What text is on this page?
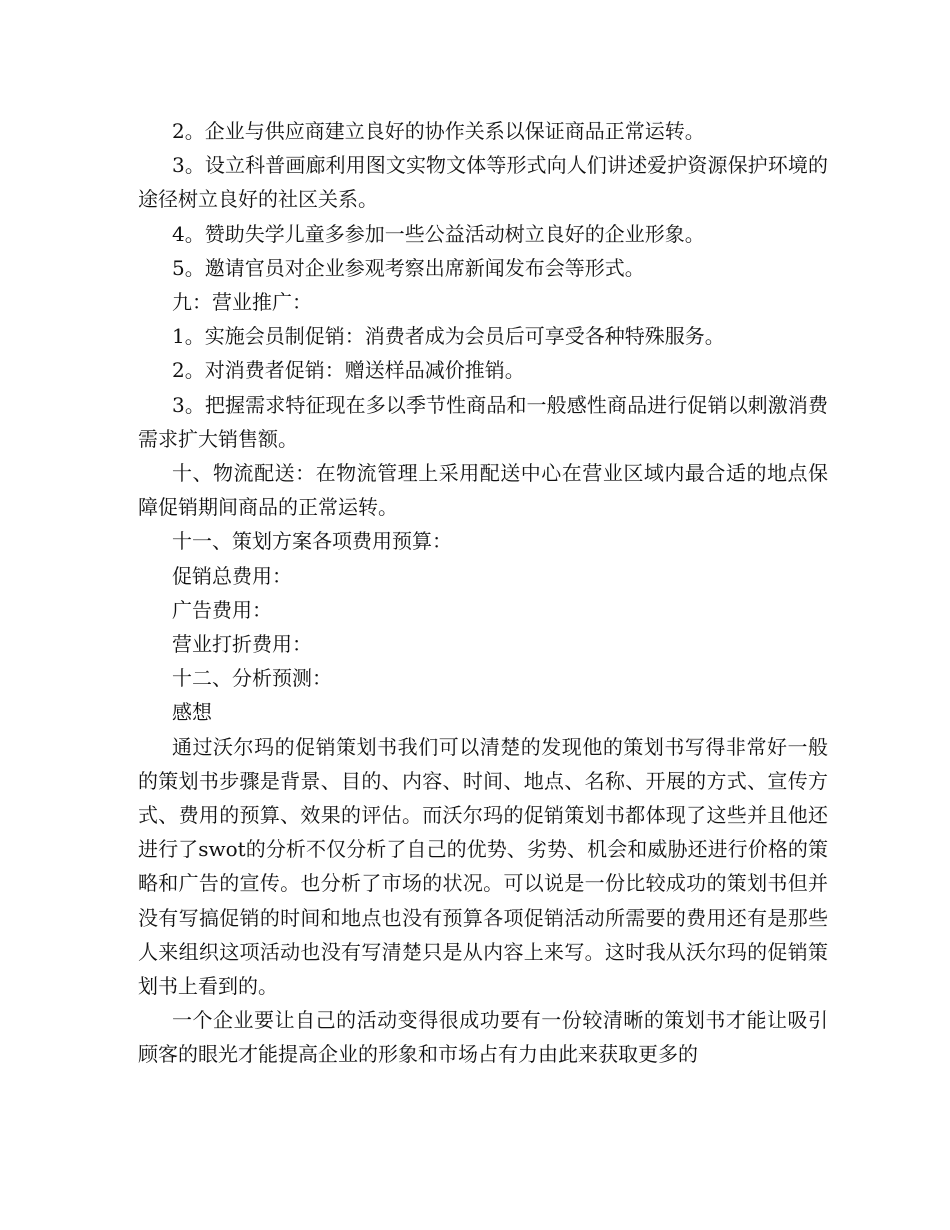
2。企业与供应商建立良好的协作关系以保证商品正常运转。

3。设立科普画廊利用图文实物文体等形式向人们讲述爱护资源保护环境的途径树立良好的社区关系。

4。赞助失学儿童多参加一些公益活动树立良好的企业形象。

5。邀请官员对企业参观考察出席新闻发布会等形式。

九：营业推广：

1。实施会员制促销：消费者成为会员后可享受各种特殊服务。

2。对消费者促销：赠送样品减价推销。

3。把握需求特征现在多以季节性商品和一般感性商品进行促销以刺激消费需求扩大销售额。

十、物流配送：在物流管理上采用配送中心在营业区域内最合适的地点保障促销期间商品的正常运转。

十一、策划方案各项费用预算：

促销总费用：

广告费用：

营业打折费用：

十二、分析预测：

感想

通过沃尔玛的促销策划书我们可以清楚的发现他的策划书写得非常好一般的策划书步骤是背景、目的、内容、时间、地点、名称、开展的方式、宣传方式、费用的预算、效果的评估。而沃尔玛的促销策划书都体现了这些并且他还进行了swot的分析不仅分析了自己的优势、劣势、机会和威胁还进行价格的策略和广告的宣传。也分析了市场的状况。可以说是一份比较成功的策划书但并没有写搞促销的时间和地点也没有预算各项促销活动所需要的费用还有是那些人来组织这项活动也没有写清楚只是从内容上来写。这时我从沃尔玛的促销策划书上看到的。

一个企业要让自己的活动变得很成功要有一份较清晰的策划书才能让吸引顾客的眼光才能提高企业的形象和市场占有力由此来获取更多的
